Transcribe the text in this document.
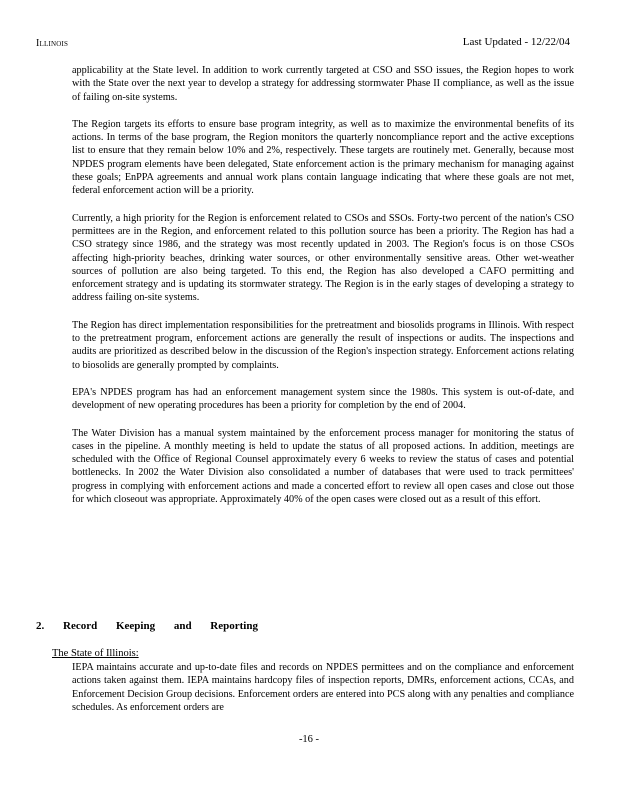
Illinois	Last Updated - 12/22/04

applicability at the State level. In addition to work currently targeted at CSO and SSO issues, the Region hopes to work with the State over the next year to develop a strategy for addressing stormwater Phase II compliance, as well as the issue of failing on-site systems.

The Region targets its efforts to ensure base program integrity, as well as to maximize the environmental benefits of its actions. In terms of the base program, the Region monitors the quarterly noncompliance report and the active exceptions list to ensure that they remain below 10% and 2%, respectively. These targets are routinely met. Generally, because most NPDES program elements have been delegated, State enforcement action is the primary mechanism for managing against these goals; EnPPA agreements and annual work plans contain language indicating that where these goals are not met, federal enforcement action will be a priority.

Currently, a high priority for the Region is enforcement related to CSOs and SSOs. Forty-two percent of the nation's CSO permittees are in the Region, and enforcement related to this pollution source has been a priority. The Region has had a CSO strategy since 1986, and the strategy was most recently updated in 2003. The Region's focus is on those CSOs affecting high-priority beaches, drinking water sources, or other environmentally sensitive areas. Other wet-weather sources of pollution are also being targeted. To this end, the Region has also developed a CAFO permitting and enforcement strategy and is updating its stormwater strategy. The Region is in the early stages of developing a strategy to address failing on-site systems.

The Region has direct implementation responsibilities for the pretreatment and biosolids programs in Illinois. With respect to the pretreatment program, enforcement actions are generally the result of inspections or audits. The inspections and audits are prioritized as described below in the discussion of the Region's inspection strategy. Enforcement actions relating to biosolids are generally prompted by complaints.

EPA's NPDES program has had an enforcement management system since the 1980s. This system is out-of-date, and development of new operating procedures has been a priority for completion by the end of 2004.

The Water Division has a manual system maintained by the enforcement process manager for monitoring the status of cases in the pipeline. A monthly meeting is held to update the status of all proposed actions. In addition, meetings are scheduled with the Office of Regional Counsel approximately every 6 weeks to review the status of cases and potential bottlenecks. In 2002 the Water Division also consolidated a number of databases that were used to track permittees' progress in complying with enforcement actions and made a concerted effort to review all open cases and close out those for which closeout was appropriate. Approximately 40% of the open cases were closed out as a result of this effort.

2. Record Keeping and Reporting
The State of Illinois:
IEPA maintains accurate and up-to-date files and records on NPDES permittees and on the compliance and enforcement actions taken against them. IEPA maintains hardcopy files of inspection reports, DMRs, enforcement actions, CCAs, and Enforcement Decision Group decisions. Enforcement orders are entered into PCS along with any penalties and compliance schedules. As enforcement orders are
-16 -
